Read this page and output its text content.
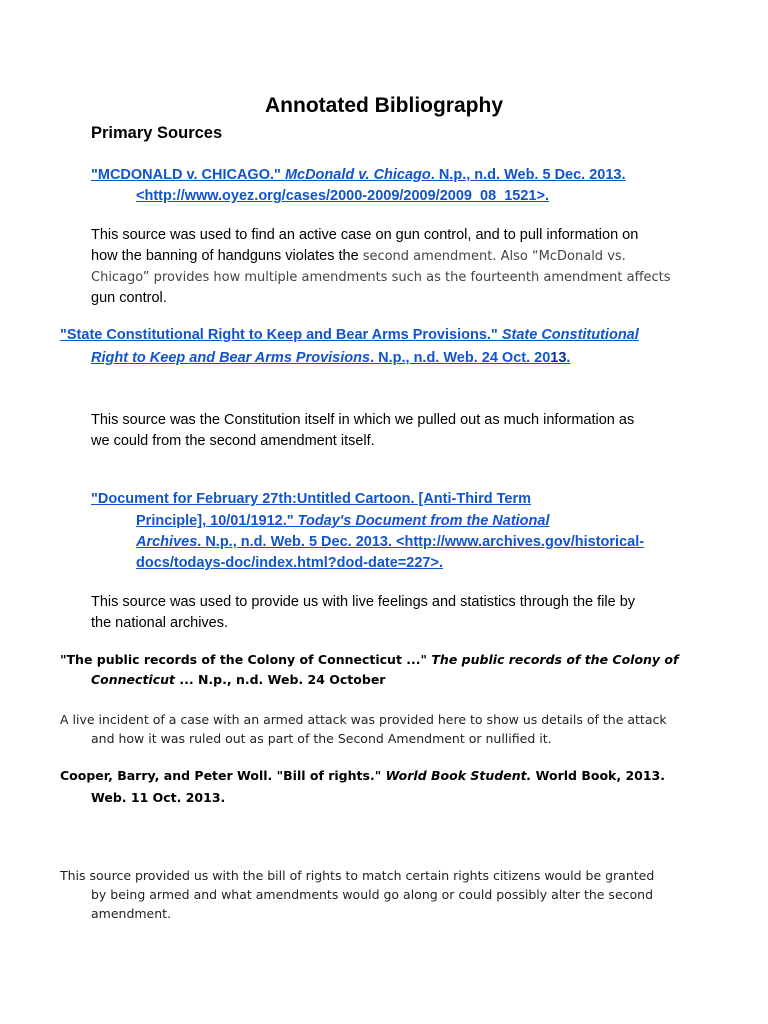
Annotated Bibliography
Primary Sources
"MCDONALD v. CHICAGO." McDonald v. Chicago. N.p., n.d. Web. 5 Dec. 2013.
<http://www.oyez.org/cases/2000-2009/2009/2009_08_1521>.
This source was used to find an active case on gun control, and to pull information on
how the banning of handguns violates the second amendment. Also “McDonald vs.
Chicago” provides how multiple amendments such as the fourteenth amendment affects
gun control.
"State Constitutional Right to Keep and Bear Arms Provisions." State Constitutional
Right to Keep and Bear Arms Provisions. N.p., n.d. Web. 24 Oct. 2013.
This source was the Constitution itself in which we pulled out as much information as
we could from the second amendment itself.
"Document for February 27th:Untitled Cartoon. [Anti-Third Term
Principle], 10/01/1912." Today's Document from the National
Archives. N.p., n.d. Web. 5 Dec. 2013. <http://www.archives.gov/historical-
docs/todays-doc/index.html?dod-date=227>.
This source was used to provide us with live feelings and statistics through the file by
the national archives.
"The public records of the Colony of Connecticut ..." The public records of the Colony of
Connecticut ... N.p., n.d. Web. 24 October
A live incident of a case with an armed attack was provided here to show us details of the attack
and how it was ruled out as part of the Second Amendment or nullified it.
Cooper, Barry, and Peter Woll. "Bill of rights." World Book Student. World Book, 2013.
Web. 11 Oct. 2013.
This source provided us with the bill of rights to match certain rights citizens would be granted
by being armed and what amendments would go along or could possibly alter the second
amendment.
